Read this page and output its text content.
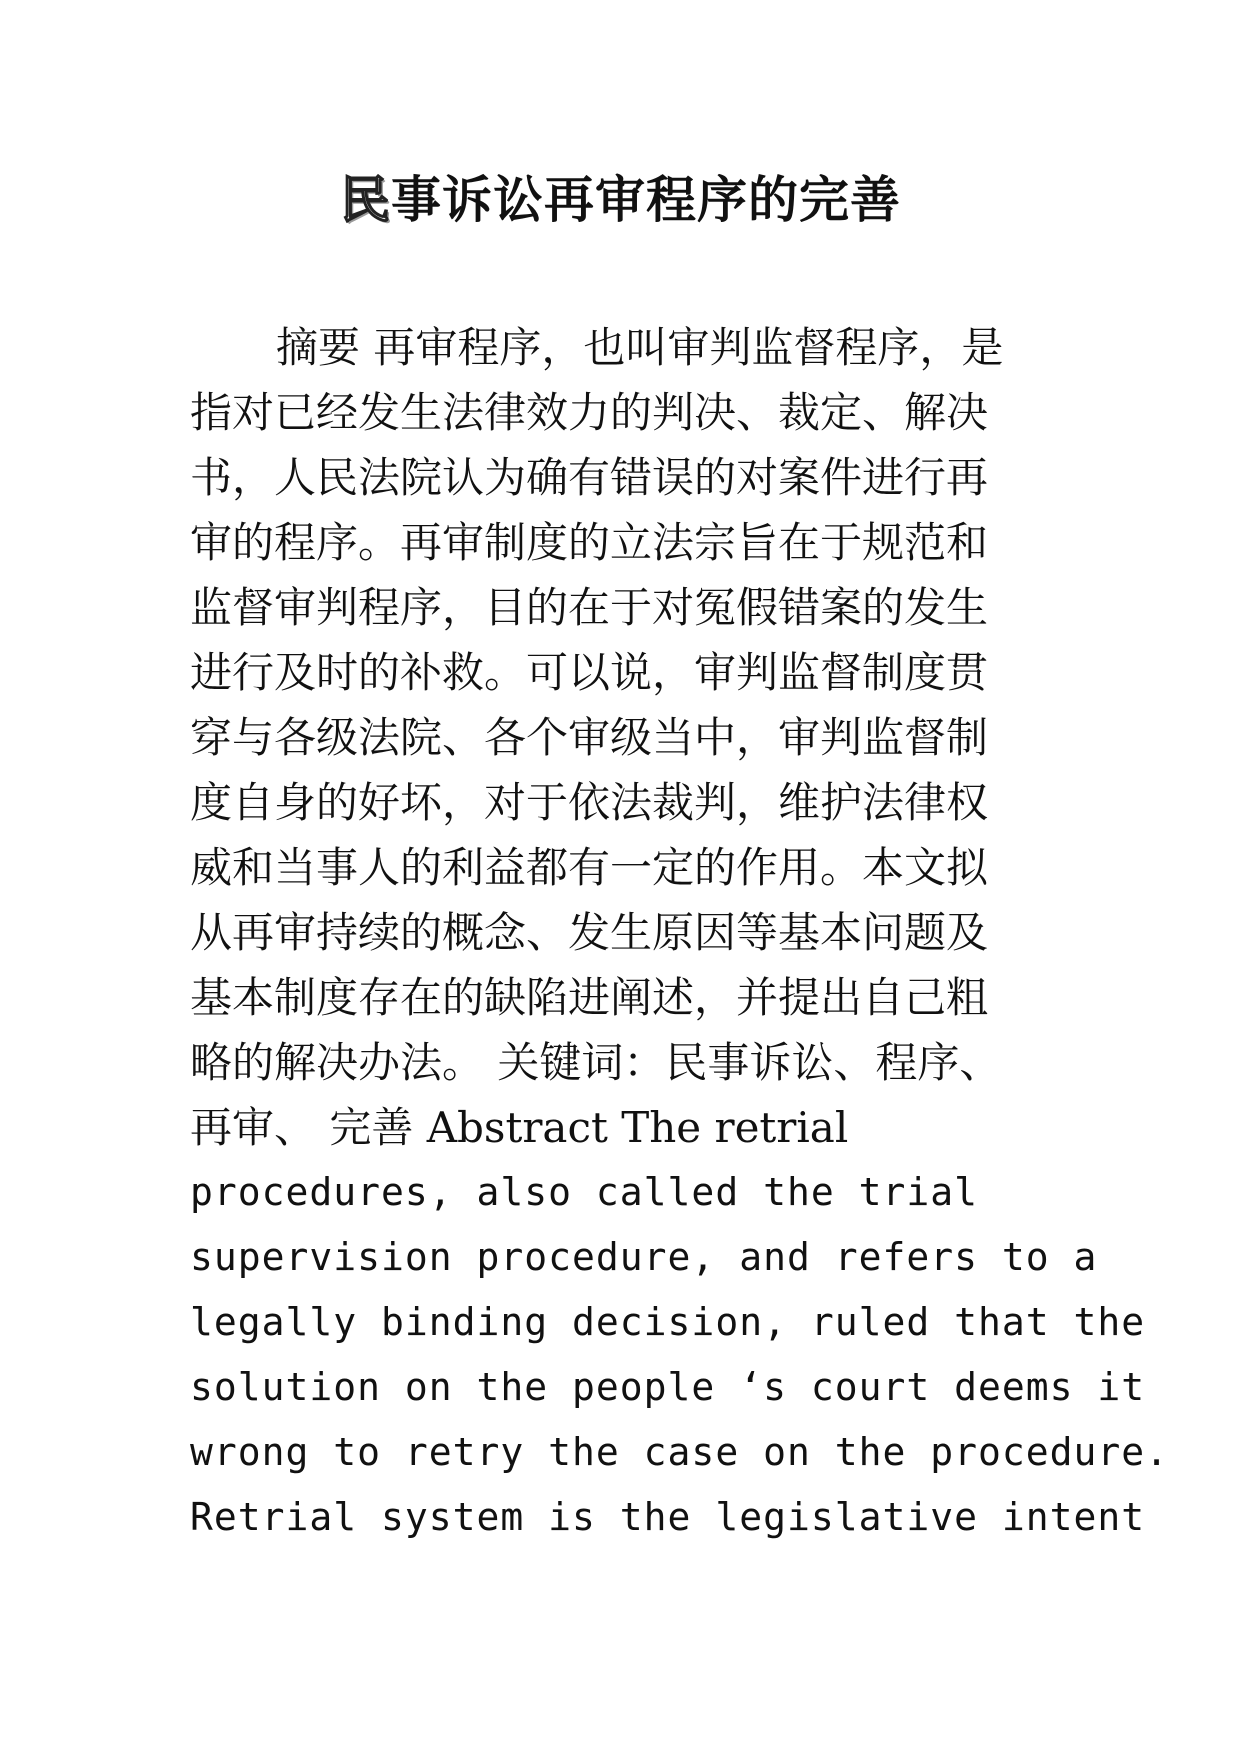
民事诉讼再审程序的完善
摘要 再审程序，也叫审判监督程序，是
指对已经发生法律效力的判决、裁定、解决
书，人民法院认为确有错误的对案件进行再
审的程序。再审制度的立法宗旨在于规范和
监督审判程序，目的在于对冤假错案的发生
进行及时的补救。可以说，审判监督制度贯
穿与各级法院、各个审级当中，审判监督制
度自身的好坏，对于依法裁判，维护法律权
威和当事人的利益都有一定的作用。本文拟
从再审持续的概念、发生原因等基本问题及
基本制度存在的缺陷进阐述，并提出自己粗
略的解决办法。 关键词：民事诉讼、程序、
再审、 完善 Abstract The retrial
procedures, also called the trial
supervision procedure, and refers to a
legally binding decision, ruled that the
solution on the people ‘s court deems it
wrong to retry the case on the procedure.
Retrial system is the legislative intent
